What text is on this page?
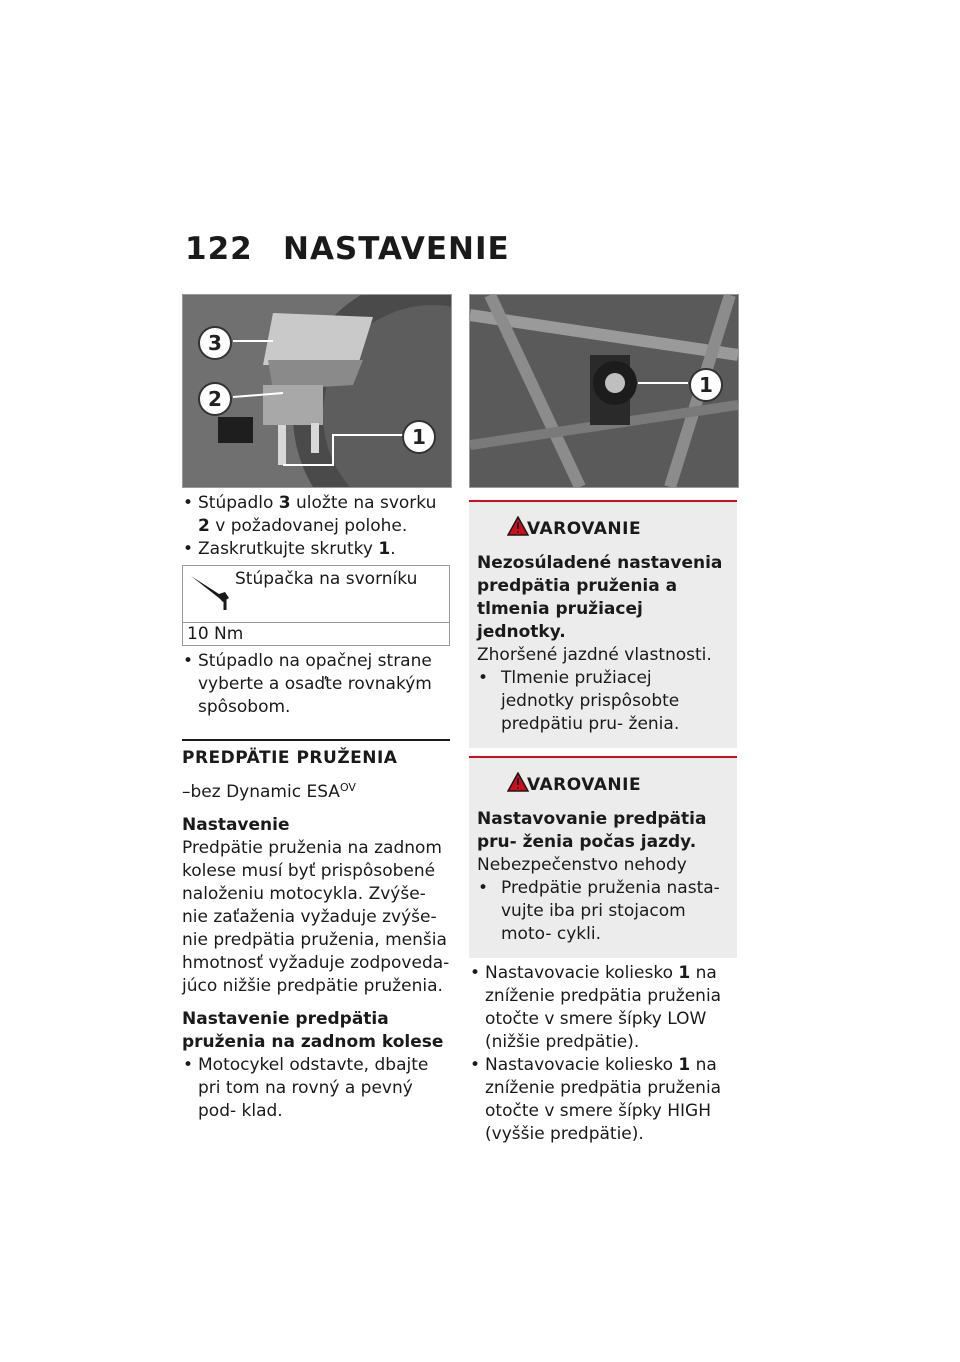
122 NASTAVENIE
3
2
1
• Stúpadlo 3 uložte na svorku 2 v požadovanej polohe.
• Zaskrutkujte skrutky 1.
Stúpačka na svorníku
10 Nm
• Stúpadlo na opačnej strane vyberte a osaďte rovnakým spôsobom.
PREDPÄTIE PRUŽENIA
–bez Dynamic $ESA^{OV}$
Nastavenie
Predpätie pruženia na zadnom kolese musí byť prispôsobené naloženiu motocykla. Zvýše- nie zaťaženia vyžaduje zvýše- nie predpätia pruženia, menšia hmotnosť vyžaduje zodpoveda- júco nižšie predpätie pruženia.
Nastavenie predpätia pruženia na zadnom kolese
• Motocykel odstavte, dbajte pri tom na rovný a pevný pod- klad.
1
VAROVANIE
Nezosúladené nastavenia predpätia pruženia a tlmenia pružiacej jednotky.
Zhoršené jazdné vlastnosti.
• Tlmenie pružiacej jednotky prispôsobte predpätiu pru- ženia.
VAROVANIE
Nastavovanie predpätia pru- ženia počas jazdy.
Nebezpečenstvo nehody
• Predpätie pruženia nasta- vujte iba pri stojacom moto- cykli.
• Nastavovacie koliesko 1 na zníženie predpätia pruženia otočte v smere šípky LOW (nižšie predpätie).
• Nastavovacie koliesko 1 na zníženie predpätia pruženia otočte v smere šípky HIGH (vyššie predpätie).
